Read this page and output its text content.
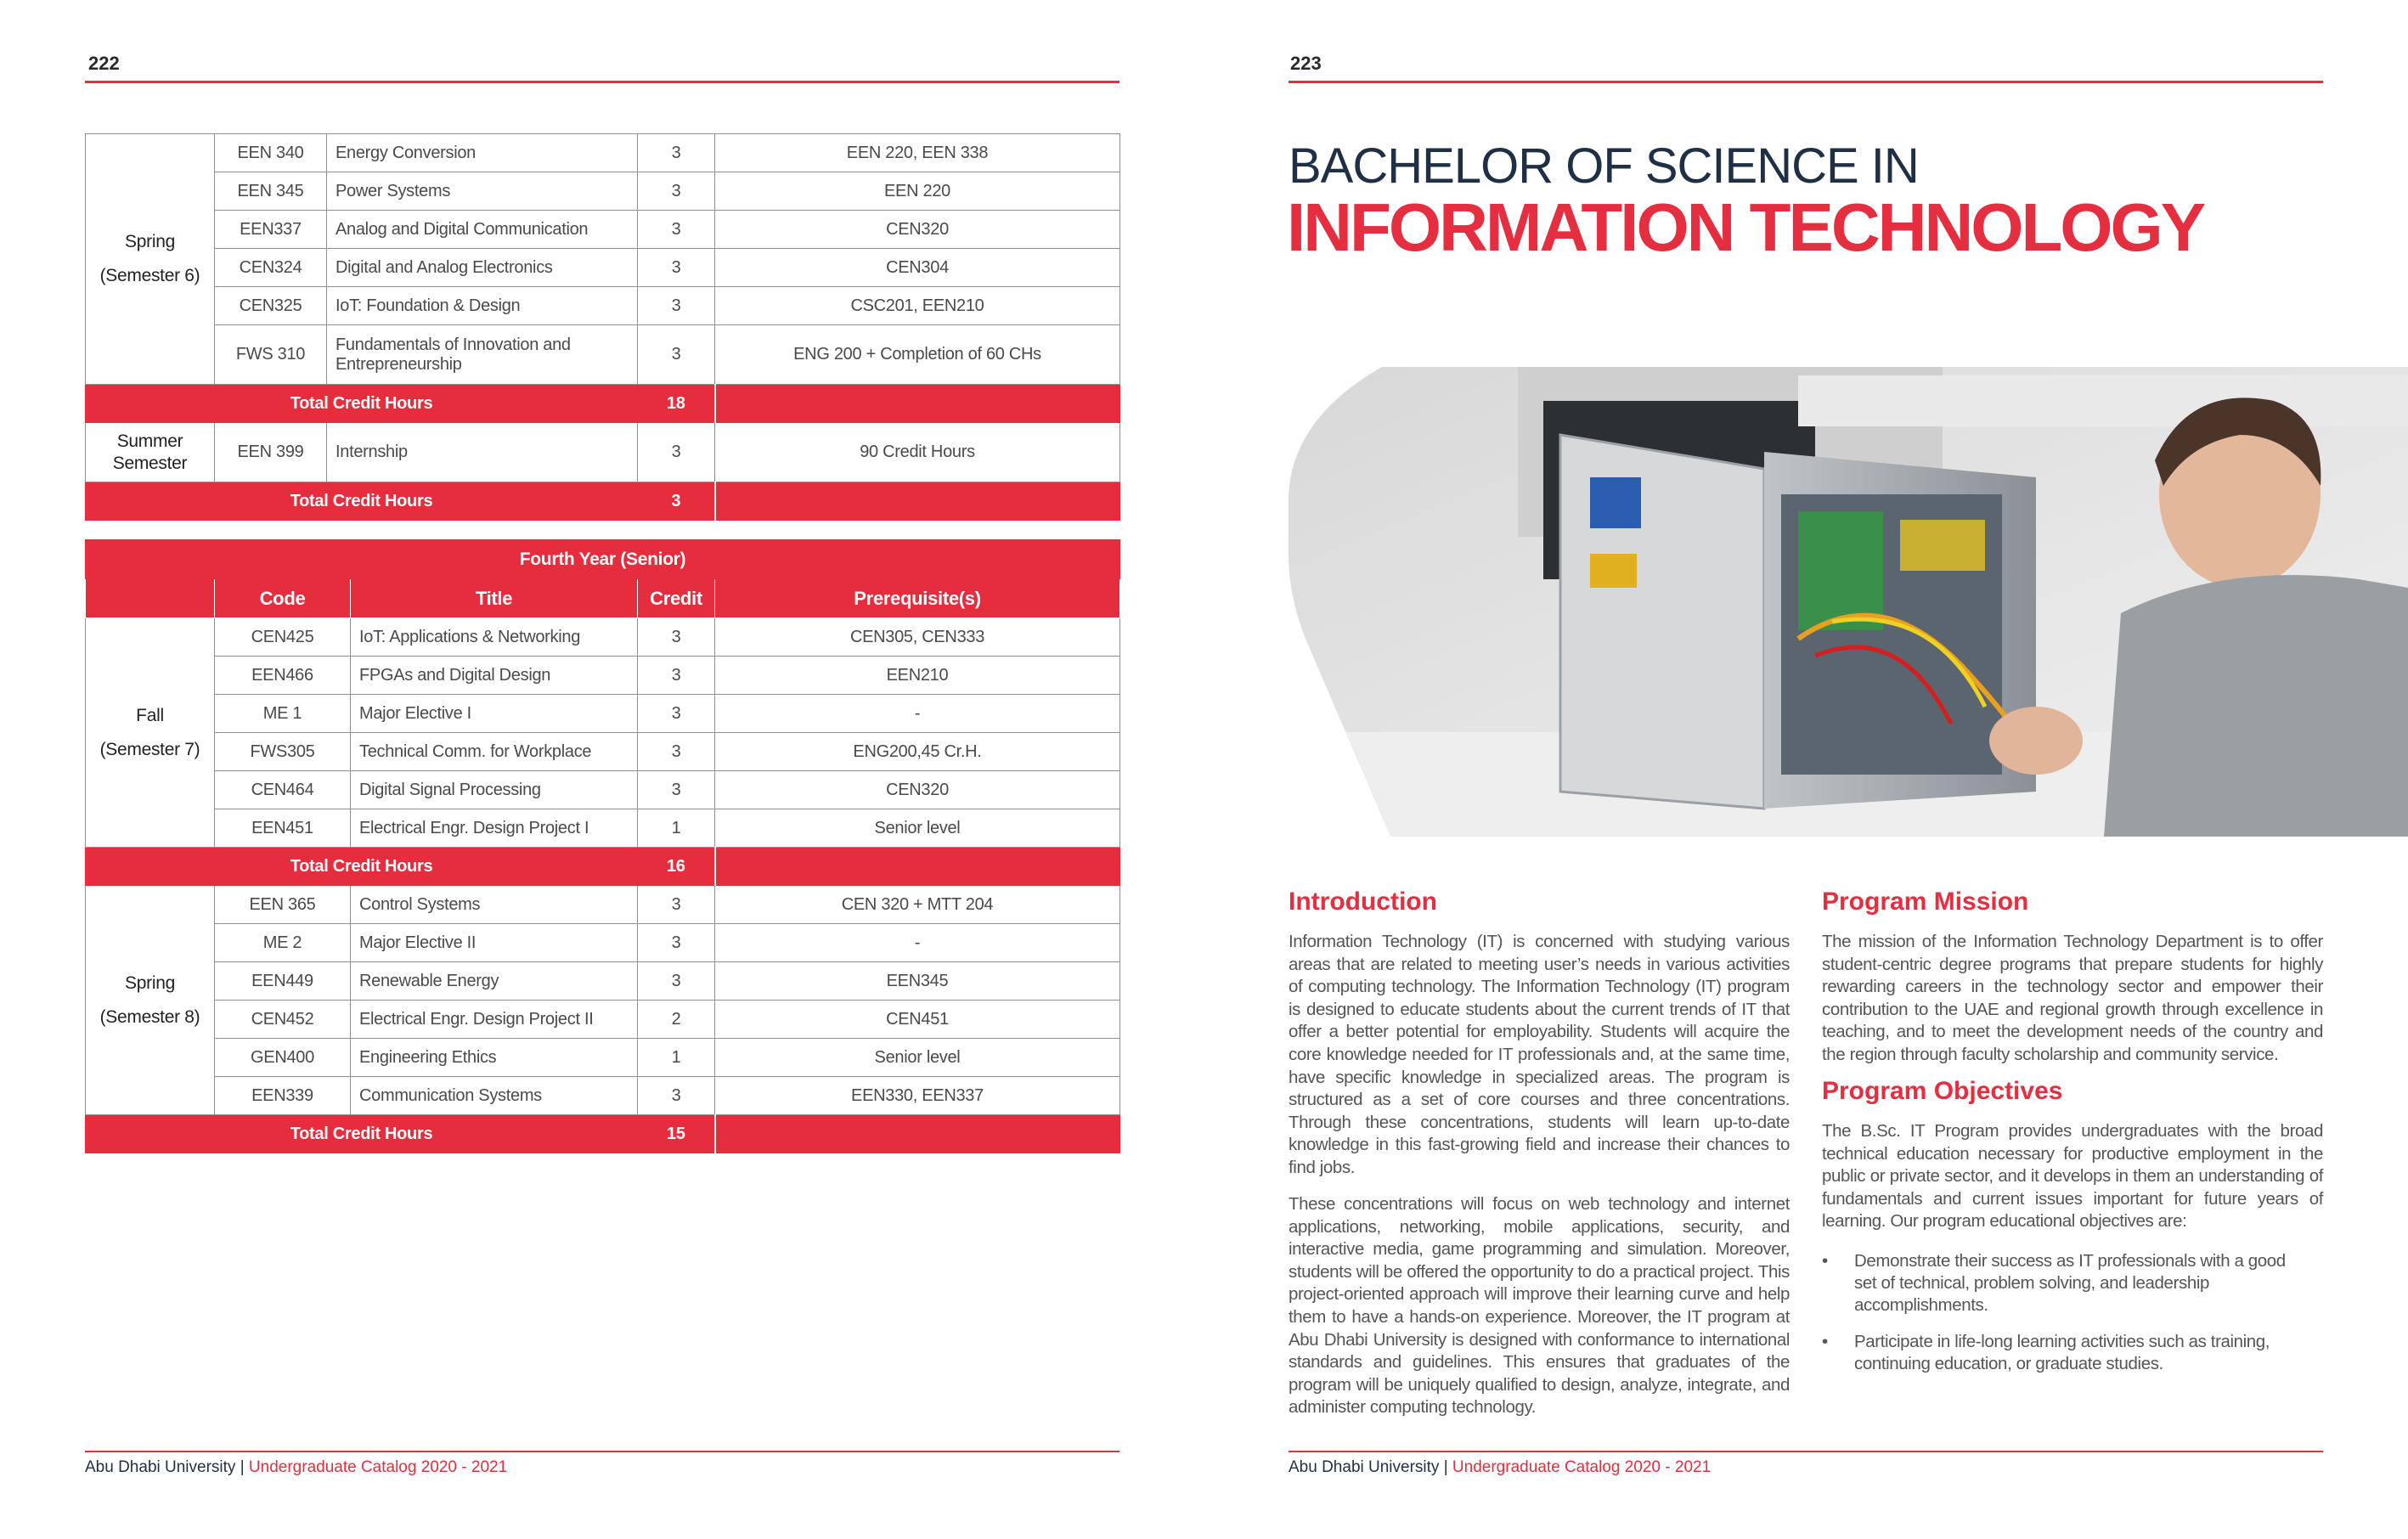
222
Spring
(Semester 6)	EEN 340	Energy Conversion	3	EEN 220, EEN 338
	EEN 345	Power Systems	3	EEN 220
	EEN337	Analog and Digital Communication	3	CEN320
	CEN324	Digital and Analog Electronics	3	CEN304
	CEN325	IoT: Foundation & Design	3	CSC201, EEN210
	FWS 310	Fundamentals of Innovation and Entrepreneurship	3	ENG 200 + Completion of 60 CHs
Total Credit Hours			18	
Summer Semester	EEN 399	Internship	3	90 Credit Hours
Total Credit Hours			3	
Fourth Year (Senior)				
	Code	Title	Credit	Prerequisite(s)

Fall
(Semester 7)	CEN425	IoT: Applications & Networking	3	CEN305, CEN333
	EEN466	FPGAs and Digital Design	3	EEN210
	ME 1	Major Elective I	3	-
	FWS305	Technical Comm. for Workplace	3	ENG200,45 Cr.H.
	CEN464	Digital Signal Processing	3	CEN320
	EEN451	Electrical Engr. Design Project I	1	Senior level
Total Credit Hours			16	

Spring
(Semester 8)	EEN 365	Control Systems	3	CEN 320 + MTT 204
	ME 2	Major Elective II	3	-
	EEN449	Renewable Energy	3	EEN345
	CEN452	Electrical Engr. Design Project II	2	CEN451
	GEN400	Engineering Ethics	1	Senior level
	EEN339	Communication Systems	3	EEN330, EEN337
Total Credit Hours			15	
Abu Dhabi University | Undergraduate Catalog 2020 - 2021
223
BACHELOR OF SCIENCE IN
INFORMATION TECHNOLOGY
Introduction
Information Technology (IT) is concerned with studying various areas that are related to meeting user’s needs in various activities of computing technology. The Information Technology (IT) program is designed to educate students about the current trends of IT that offer a better potential for employability. Students will acquire the core knowledge needed for IT professionals and, at the same time, have specific knowledge in specialized areas. The program is structured as a set of core courses and three concentrations. Through these concentrations, students will learn up-to-date knowledge in this fast-growing field and increase their chances to find jobs.
These concentrations will focus on web technology and internet applications, networking, mobile applications, security, and interactive media, game programming and simulation. Moreover, students will be offered the opportunity to do a practical project. This project-oriented approach will improve their learning curve and help them to have a hands-on experience. Moreover, the IT program at Abu Dhabi University is designed with conformance to international standards and guidelines. This ensures that graduates of the program will be uniquely qualified to design, analyze, integrate, and administer computing technology.
Program Mission
The mission of the Information Technology Department is to offer student-centric degree programs that prepare students for highly rewarding careers in the technology sector and empower their contribution to the UAE and regional growth through excellence in teaching, and to meet the development needs of the country and the region through faculty scholarship and community service.
Program Objectives
The B.Sc. IT Program provides undergraduates with the broad technical education necessary for productive employment in the public or private sector, and it develops in them an understanding of fundamentals and current issues important for future years of learning. Our program educational objectives are:
• Demonstrate their success as IT professionals with a good set of technical, problem solving, and leadership accomplishments.
• Participate in life-long learning activities such as training, continuing education, or graduate studies.
Abu Dhabi University | Undergraduate Catalog 2020 - 2021
